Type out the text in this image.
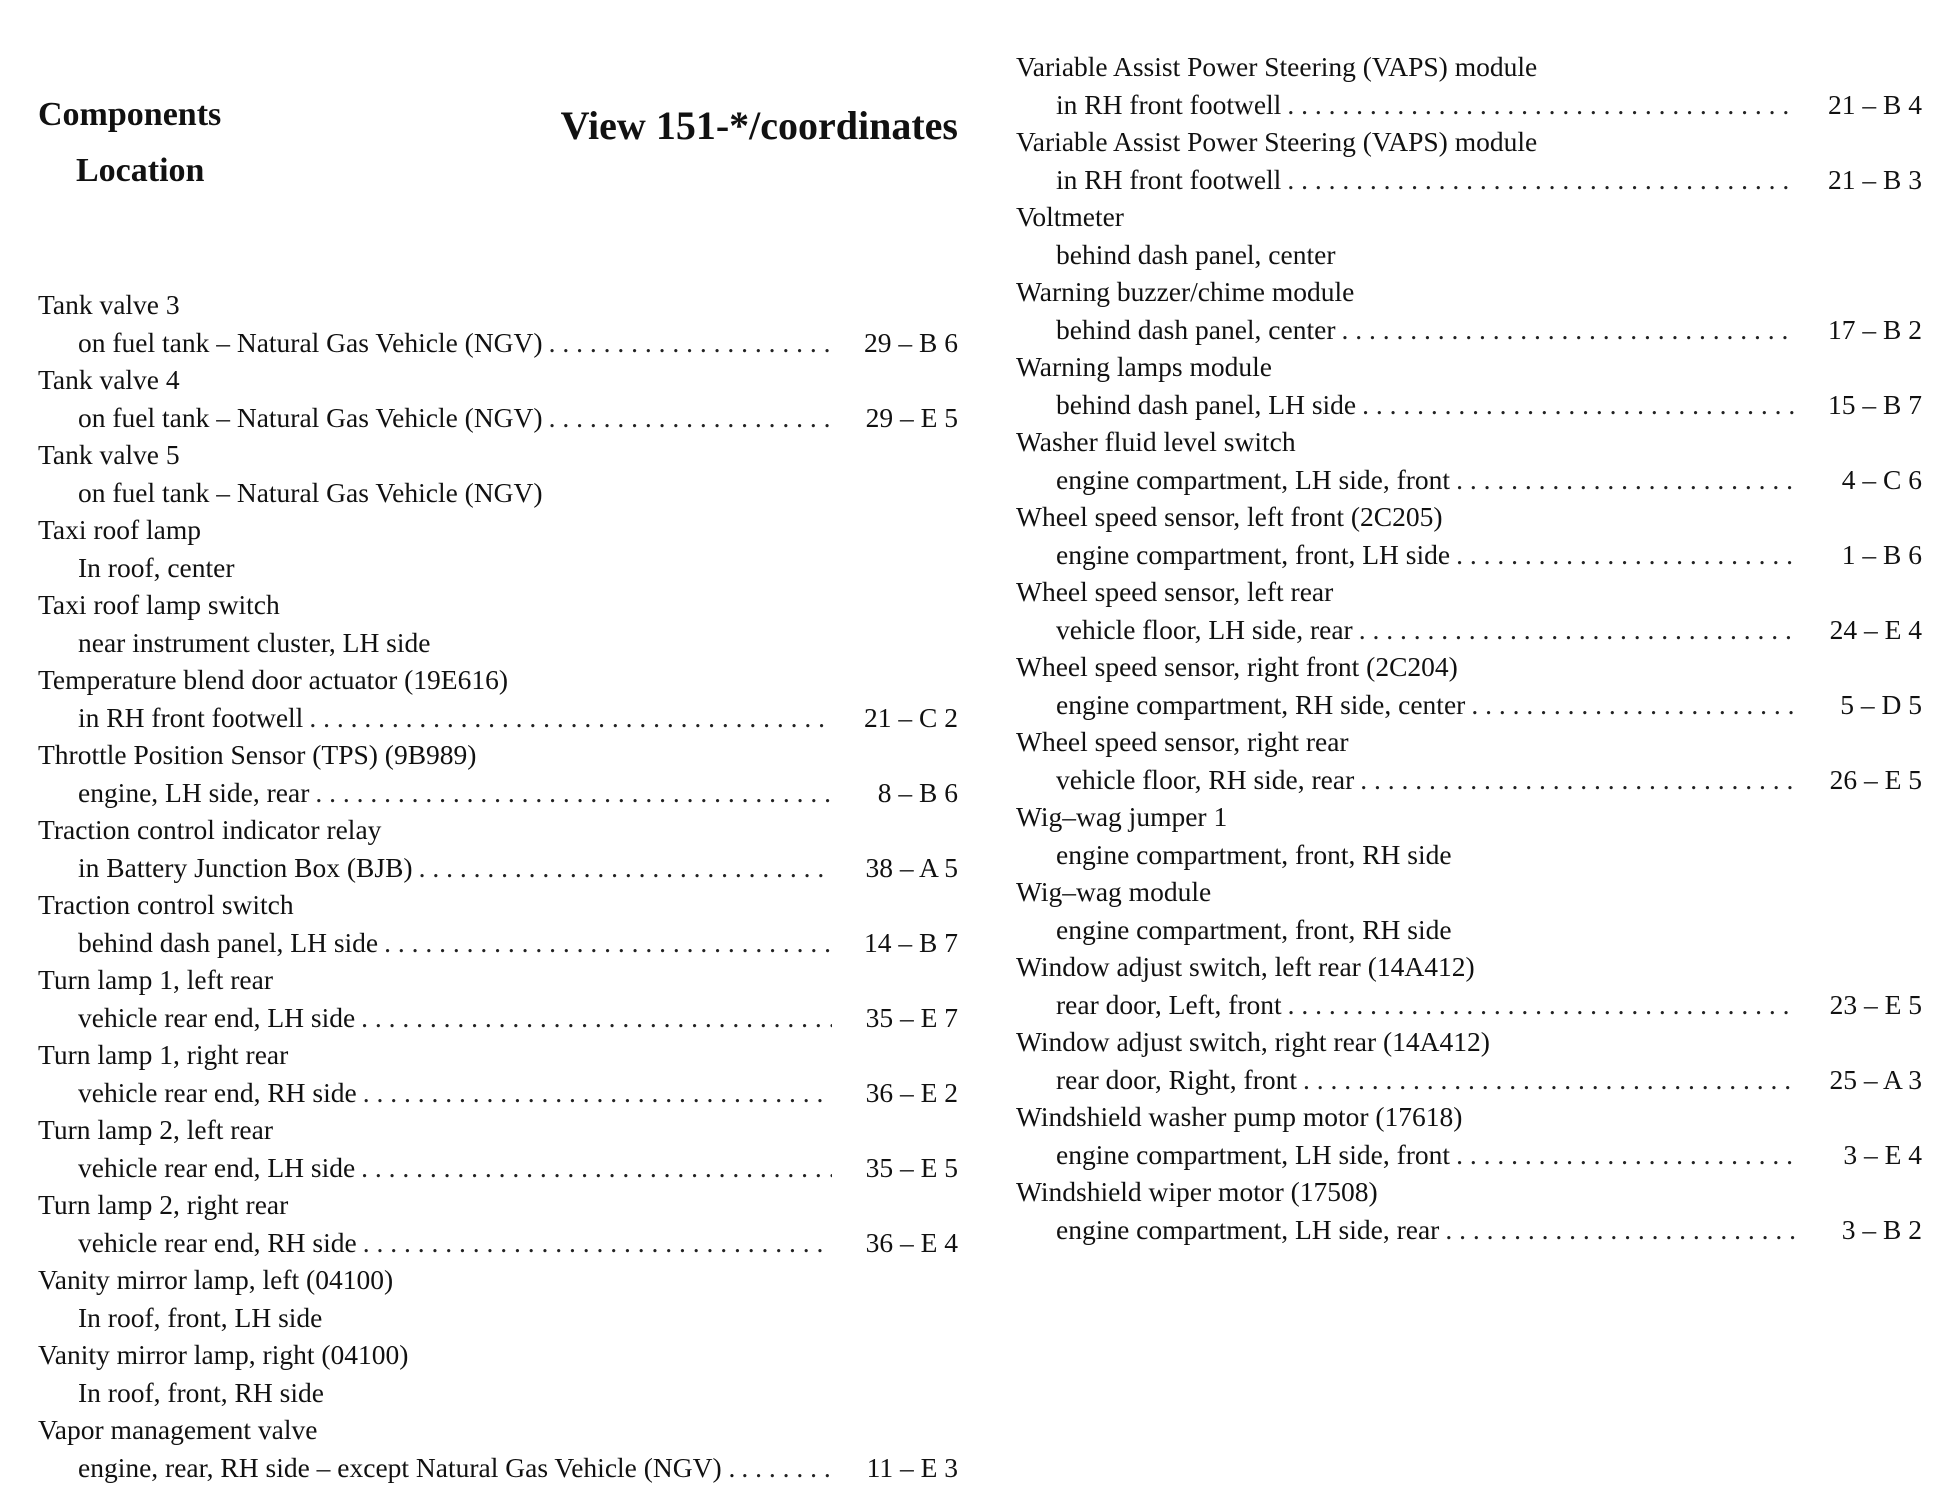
Components
Location
View 151-*/coordinates
Tank valve 3
on fuel tank – Natural Gas Vehicle (NGV) . . .	29 – B 6
Tank valve 4
on fuel tank – Natural Gas Vehicle (NGV) . . .	29 – E 5
Tank valve 5
on fuel tank – Natural Gas Vehicle (NGV)
Taxi roof lamp
In roof, center
Taxi roof lamp switch
near instrument cluster, LH side
Temperature blend door actuator (19E616)
in RH front footwell . . .	21 – C 2
Throttle Position Sensor (TPS) (9B989)
engine, LH side, rear . . .	8 – B 6
Traction control indicator relay
in Battery Junction Box (BJB) . . .	38 – A 5
Traction control switch
behind dash panel, LH side . . .	14 – B 7
Turn lamp 1, left rear
vehicle rear end, LH side . . .	35 – E 7
Turn lamp 1, right rear
vehicle rear end, RH side . . .	36 – E 2
Turn lamp 2, left rear
vehicle rear end, LH side . . .	35 – E 5
Turn lamp 2, right rear
vehicle rear end, RH side . . .	36 – E 4
Vanity mirror lamp, left (04100)
In roof, front, LH side
Vanity mirror lamp, right (04100)
In roof, front, RH side
Vapor management valve
engine, rear, RH side – except Natural Gas Vehicle (NGV) . . . .	11 – E 3
Variable Assist Power Steering (VAPS) module
in RH front footwell . . .	21 – B 4
Variable Assist Power Steering (VAPS) module
in RH front footwell . . .	21 – B 3
Voltmeter
behind dash panel, center
Warning buzzer/chime module
behind dash panel, center . . .	17 – B 2
Warning lamps module
behind dash panel, LH side . . .	15 – B 7
Washer fluid level switch
engine compartment, LH side, front . . .	4 – C 6
Wheel speed sensor, left front (2C205)
engine compartment, front, LH side . . .	1 – B 6
Wheel speed sensor, left rear
vehicle floor, LH side, rear . . .	24 – E 4
Wheel speed sensor, right front (2C204)
engine compartment, RH side, center . . .	5 – D 5
Wheel speed sensor, right rear
vehicle floor, RH side, rear . . .	26 – E 5
Wig–wag jumper 1
engine compartment, front, RH side
Wig–wag module
engine compartment, front, RH side
Window adjust switch, left rear (14A412)
rear door, Left, front . . .	23 – E 5
Window adjust switch, right rear (14A412)
rear door, Right, front . . .	25 – A 3
Windshield washer pump motor (17618)
engine compartment, LH side, front . . .	3 – E 4
Windshield wiper motor (17508)
engine compartment, LH side, rear . . .	3 – B 2
